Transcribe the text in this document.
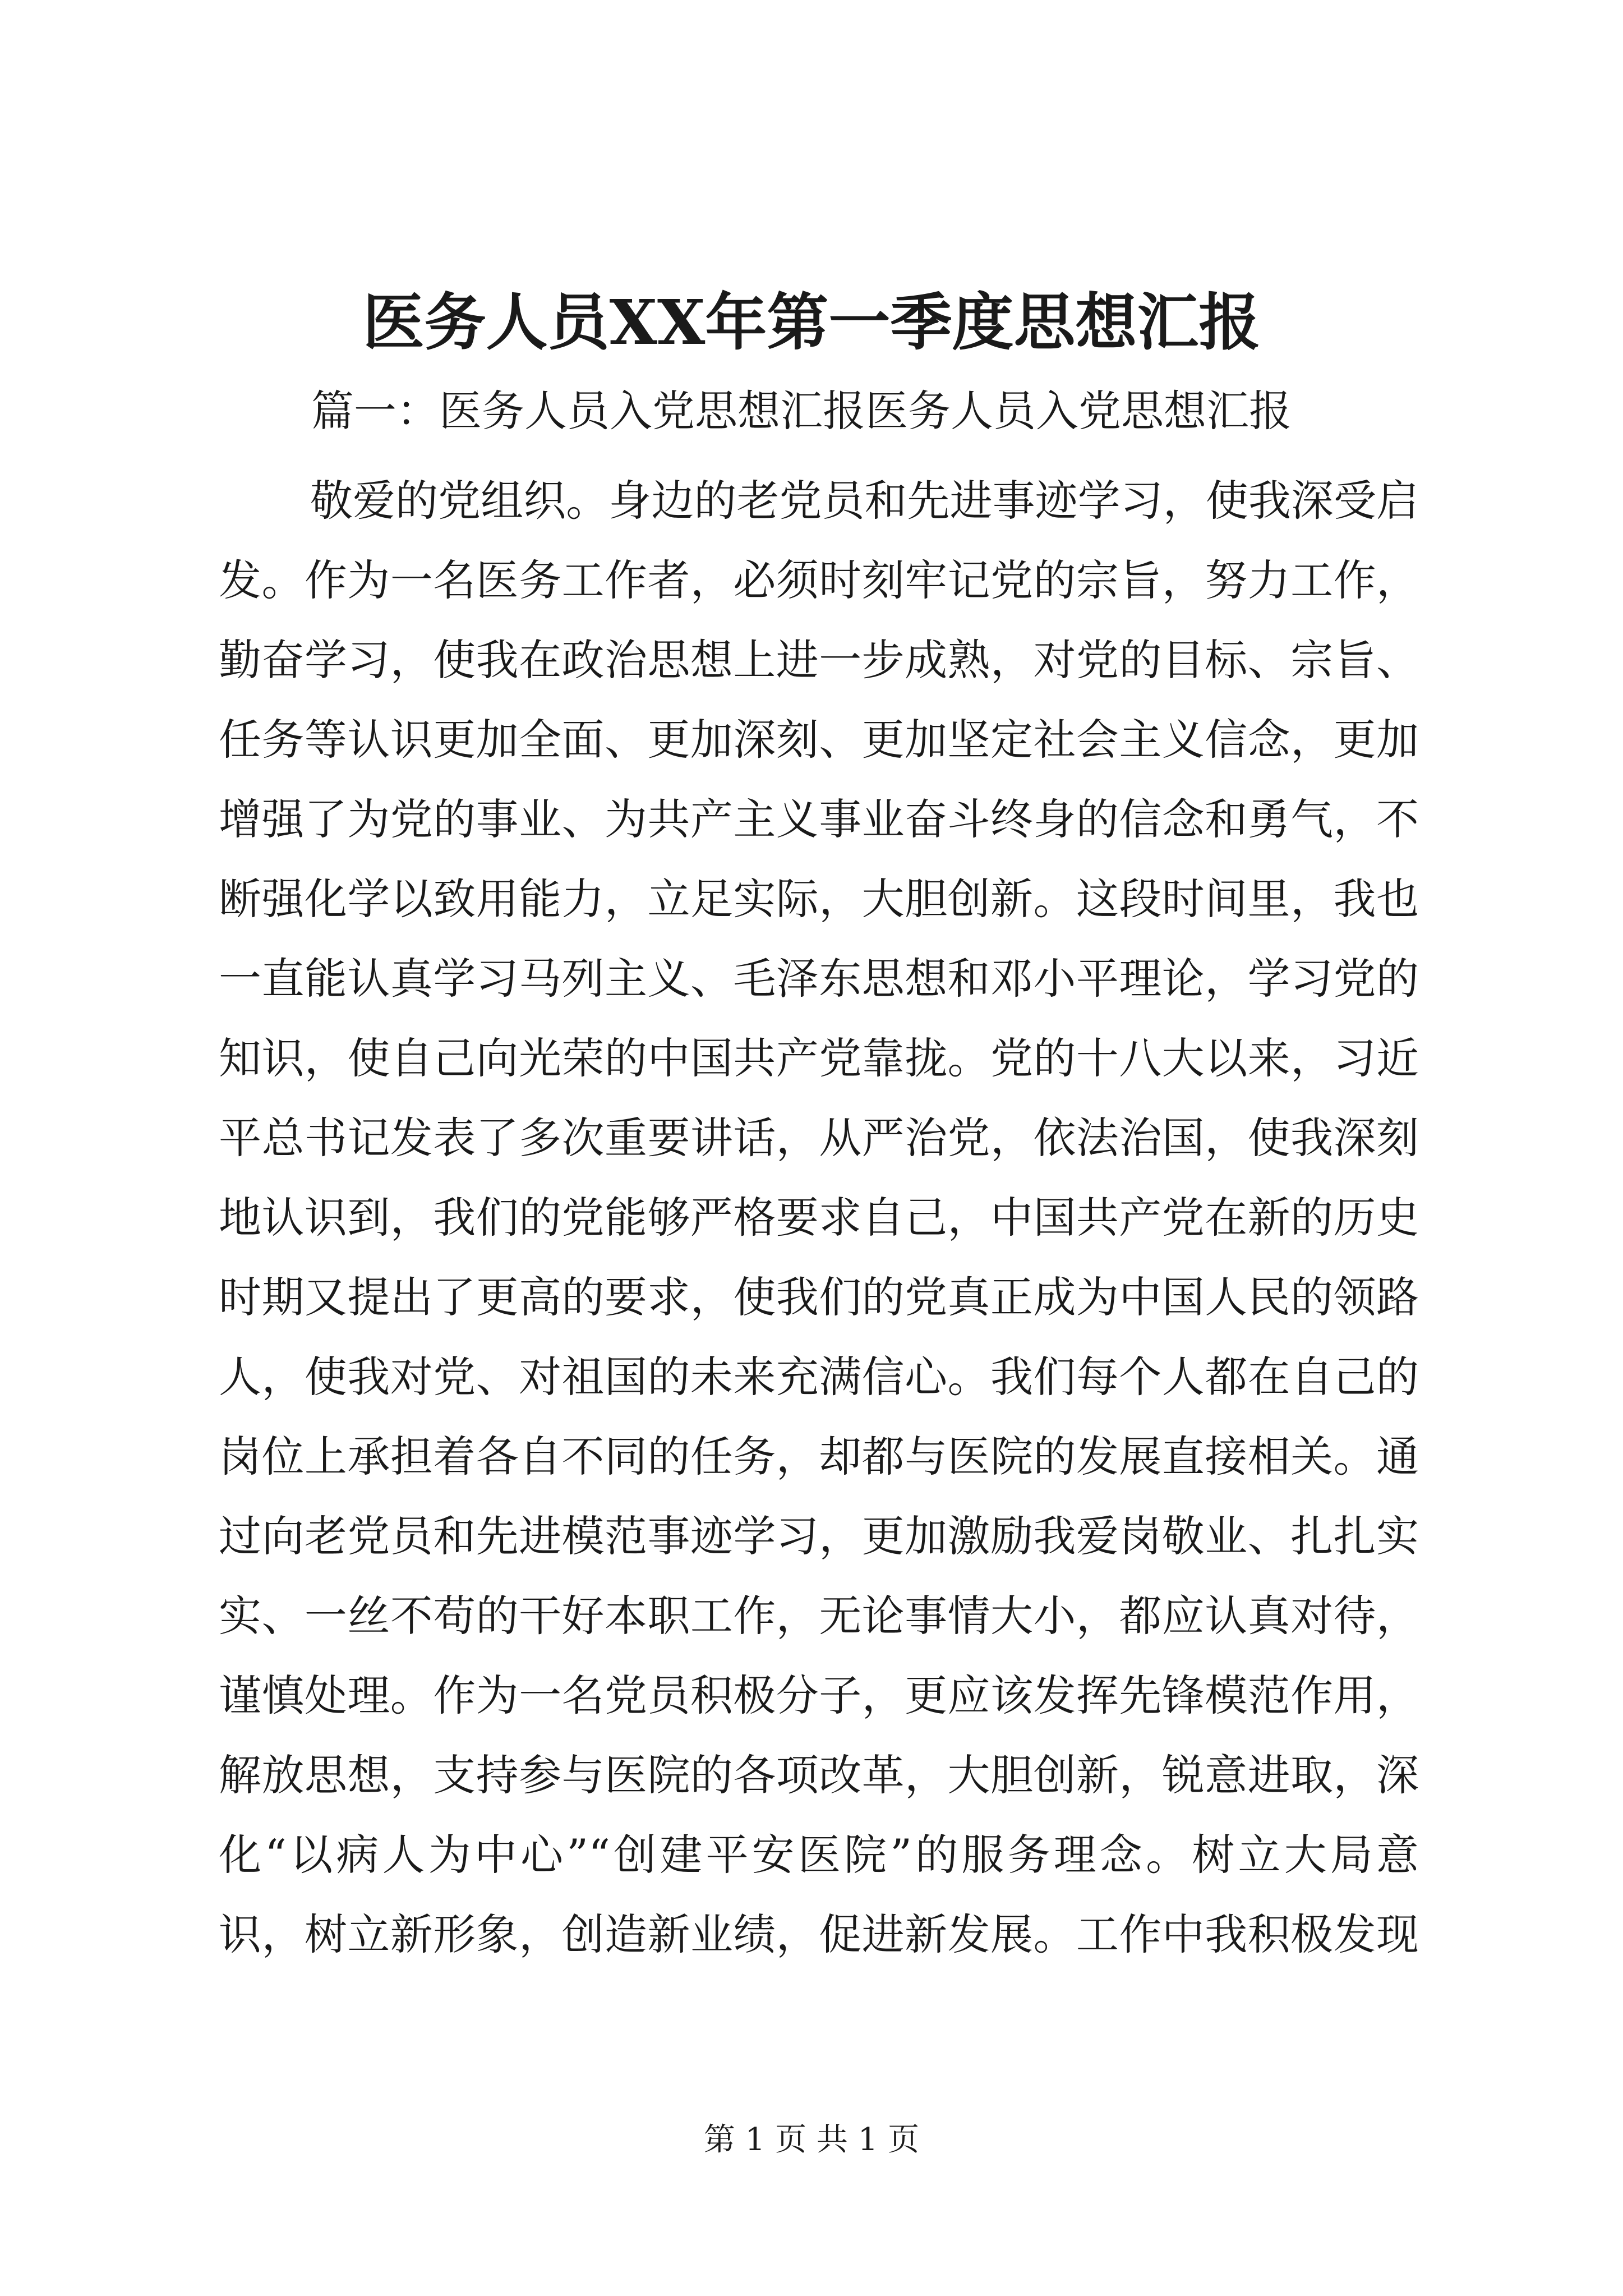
医务人员XX年第一季度思想汇报

篇一：医务人员入党思想汇报医务人员入党思想汇报

敬爱的党组织。身边的老党员和先进事迹学习，使我深受启
发。作为一名医务工作者，必须时刻牢记党的宗旨，努力工作，
勤奋学习，使我在政治思想上进一步成熟，对党的目标、宗旨、
任务等认识更加全面、更加深刻、更加坚定社会主义信念，更加
增强了为党的事业、为共产主义事业奋斗终身的信念和勇气，不
断强化学以致用能力，立足实际，大胆创新。这段时间里，我也
一直能认真学习马列主义、毛泽东思想和邓小平理论，学习党的
知识，使自己向光荣的中国共产党靠拢。党的十八大以来，习近
平总书记发表了多次重要讲话，从严治党，依法治国，使我深刻
地认识到，我们的党能够严格要求自己，中国共产党在新的历史
时期又提出了更高的要求，使我们的党真正成为中国人民的领路
人，使我对党、对祖国的未来充满信心。我们每个人都在自己的
岗位上承担着各自不同的任务，却都与医院的发展直接相关。通
过向老党员和先进模范事迹学习，更加激励我爱岗敬业、扎扎实
实、一丝不苟的干好本职工作，无论事情大小，都应认真对待，
谨慎处理。作为一名党员积极分子，更应该发挥先锋模范作用，
解放思想，支持参与医院的各项改革，大胆创新，锐意进取，深
化“以病人为中心”“创建平安医院”的服务理念。树立大局意
识，树立新形象，创造新业绩，促进新发展。工作中我积极发现
第 1 页 共 1 页
